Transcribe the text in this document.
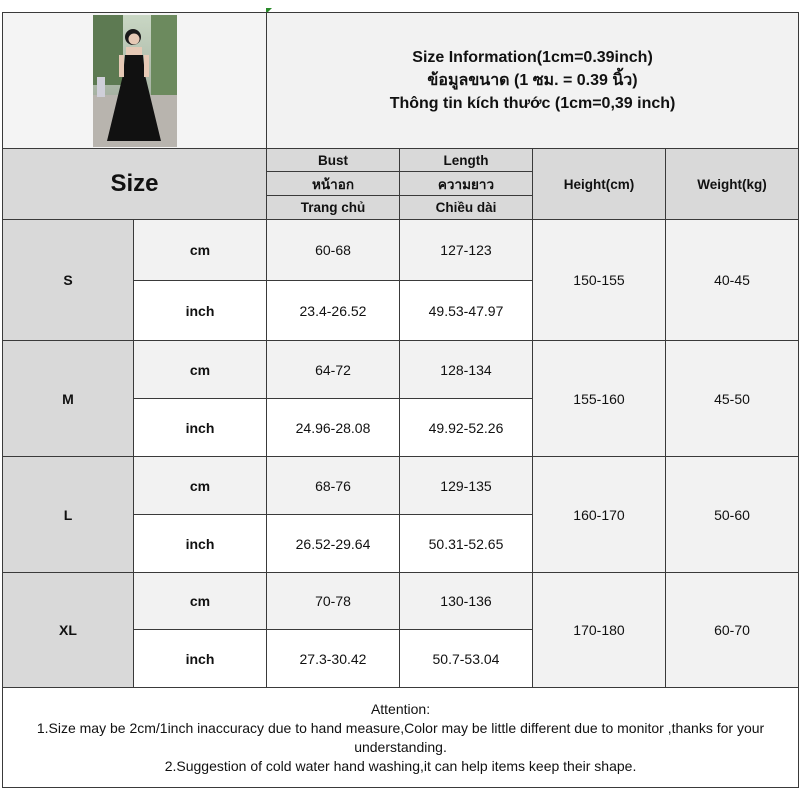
Size Information(1cm=0.39inch)
ข้อมูลขนาด (1 ซม. = 0.39 นิ้ว)
Thông tin kích thước (1cm=0,39 inch)			

Size		Bust	Length	Height(cm)	Weight(kg)
		หน้าอก	ความยาว		
		Trang chủ	Chiều dài		
S	cm	60-68	127-123	150-155	40-45
	inch	23.4-26.52	49.53-47.97		
M	cm	64-72	128-134	155-160	45-50
	inch	24.96-28.08	49.92-52.26		
L	cm	68-76	129-135	160-170	50-60
	inch	26.52-29.64	50.31-52.65		
XL	cm	70-78	130-136	170-180	60-70
	inch	27.3-30.42	50.7-53.04		

Attention:
1.Size may be 2cm/1inch inaccuracy due to hand measure,Color may be little different due to monitor ,thanks for your understanding.
2.Suggestion of cold water hand washing,it can help items keep their shape.					
